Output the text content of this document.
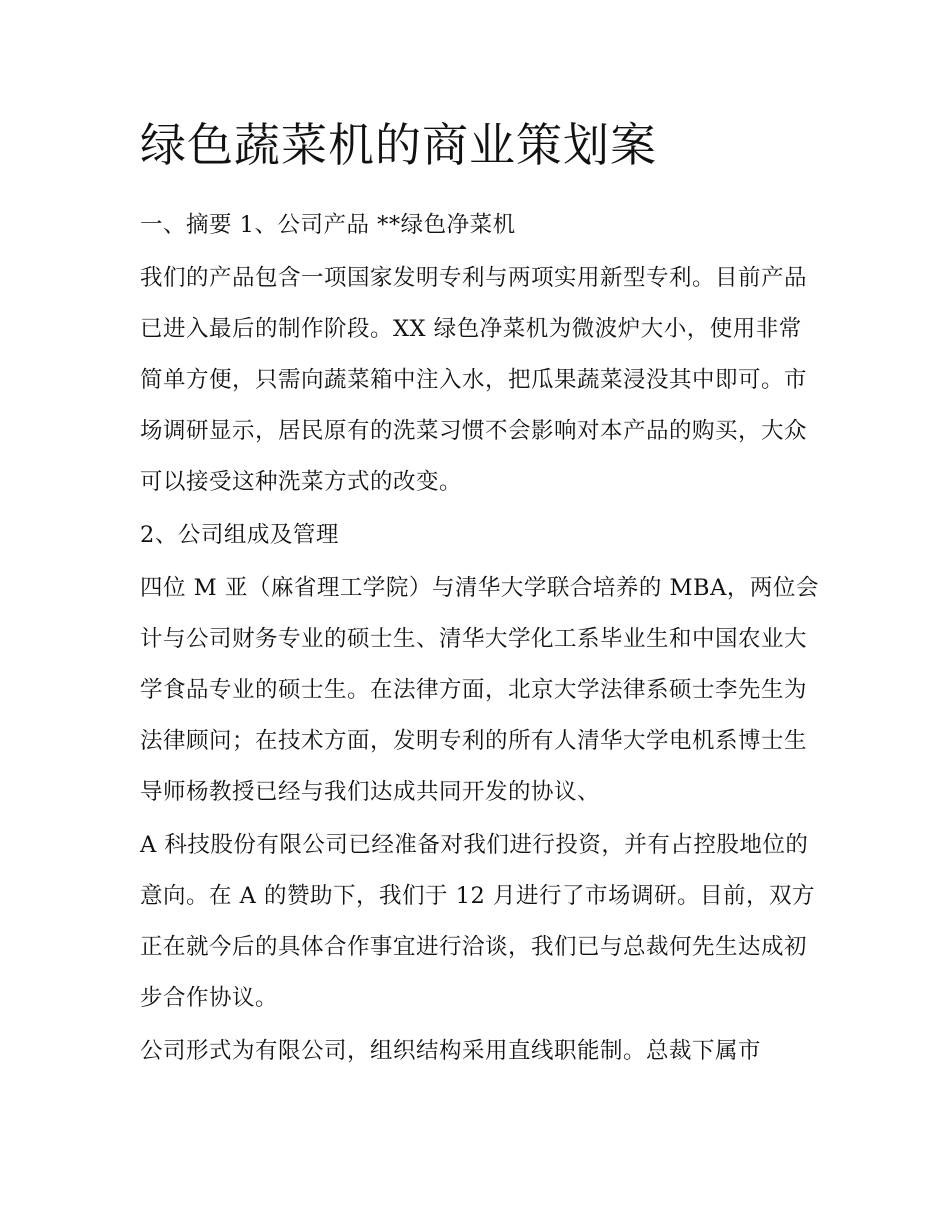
绿色蔬菜机的商业策划案

一、摘要 1、公司产品 **绿色净菜机

我们的产品包含一项国家发明专利与两项实用新型专利。目前产品已进入最后的制作阶段。XX 绿色净菜机为微波炉大小，使用非常简单方便，只需向蔬菜箱中注入水，把瓜果蔬菜浸没其中即可。市场调研显示，居民原有的洗菜习惯不会影响对本产品的购买，大众可以接受这种洗菜方式的改变。

2、公司组成及管理

四位 M 亚（麻省理工学院）与清华大学联合培养的 MBA，两位会计与公司财务专业的硕士生、清华大学化工系毕业生和中国农业大学食品专业的硕士生。在法律方面，北京大学法律系硕士李先生为法律顾问；在技术方面，发明专利的所有人清华大学电机系博士生导师杨教授已经与我们达成共同开发的协议、

A 科技股份有限公司已经准备对我们进行投资，并有占控股地位的意向。在 A 的赞助下，我们于 12 月进行了市场调研。目前，双方正在就今后的具体合作事宜进行洽谈，我们已与总裁何先生达成初步合作协议。

公司形式为有限公司，组织结构采用直线职能制。总裁下属市
